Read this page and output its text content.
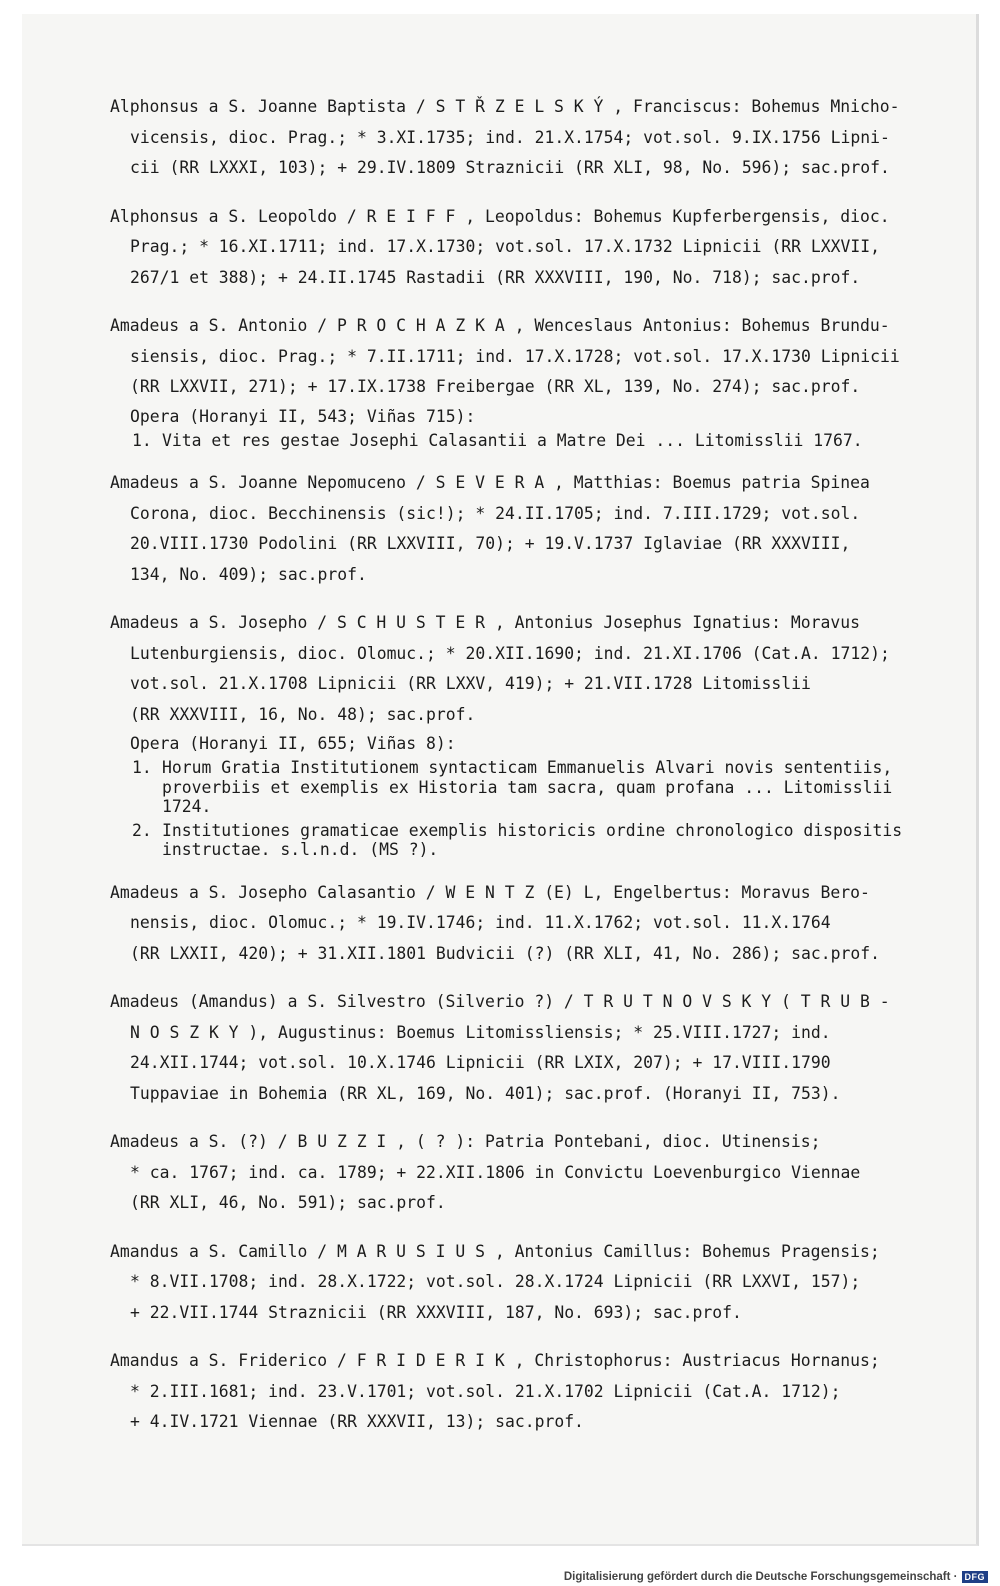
Alphonsus a S. Joanne Baptista / S T Ř Z E L S K Ý , Franciscus: Bohemus Mnicho-
vicensis, dioc. Prag.; * 3.XI.1735; ind. 21.X.1754; vot.sol. 9.IX.1756 Lipni-
cii (RR LXXXI, 103); + 29.IV.1809 Straznicii (RR XLI, 98, No. 596); sac.prof.
Alphonsus a S. Leopoldo / R E I F F , Leopoldus: Bohemus Kupferbergensis, dioc.
Prag.; * 16.XI.1711; ind. 17.X.1730; vot.sol. 17.X.1732 Lipnicii (RR LXXVII,
267/1 et 388); + 24.II.1745 Rastadii (RR XXXVIII, 190, No. 718); sac.prof.
Amadeus a S. Antonio / P R O C H A Z K A , Wenceslaus Antonius: Bohemus Brundu-
siensis, dioc. Prag.; * 7.II.1711; ind. 17.X.1728; vot.sol. 17.X.1730 Lipnicii
(RR LXXVII, 271); + 17.IX.1738 Freibergae (RR XL, 139, No. 274); sac.prof.
Opera (Horanyi II, 543; Viñas 715):
1. Vita et res gestae Josephi Calasantii a Matre Dei ... Litomisslii 1767.
Amadeus a S. Joanne Nepomuceno / S E V E R A , Matthias: Boemus patria Spinea
Corona, dioc. Becchinensis (sic!); * 24.II.1705; ind. 7.III.1729; vot.sol.
20.VIII.1730 Podolini (RR LXXVIII, 70); + 19.V.1737 Iglaviae (RR XXXVIII,
134, No. 409); sac.prof.
Amadeus a S. Josepho / S C H U S T E R , Antonius Josephus Ignatius: Moravus
Lutenburgiensis, dioc. Olomuc.; * 20.XII.1690; ind. 21.XI.1706 (Cat.A. 1712);
vot.sol. 21.X.1708 Lipnicii (RR LXXV, 419); + 21.VII.1728 Litomisslii
(RR XXXVIII, 16, No. 48); sac.prof.
Opera (Horanyi II, 655; Viñas 8):
1. Horum Gratia Institutionem syntacticam Emmanuelis Alvari novis sententiis,
proverbiis et exemplis ex Historia tam sacra, quam profana ... Litomisslii
1724.
2. Institutiones gramaticae exemplis historicis ordine chronologico dispositis
instructae. s.l.n.d. (MS ?).
Amadeus a S. Josepho Calasantio / W E N T Z (E) L, Engelbertus: Moravus Bero-
nensis, dioc. Olomuc.; * 19.IV.1746; ind. 11.X.1762; vot.sol. 11.X.1764
(RR LXXII, 420); + 31.XII.1801 Budvicii (?) (RR XLI, 41, No. 286); sac.prof.
Amadeus (Amandus) a S. Silvestro (Silverio ?) / T R U T N O V S K Y ( T R U B -
N O S Z K Y ), Augustinus: Boemus Litomissliensis; * 25.VIII.1727; ind.
24.XII.1744; vot.sol. 10.X.1746 Lipnicii (RR LXIX, 207); + 17.VIII.1790
Tuppaviae in Bohemia (RR XL, 169, No. 401); sac.prof. (Horanyi II, 753).
Amadeus a S. (?) / B U Z Z I , ( ? ): Patria Pontebani, dioc. Utinensis;
* ca. 1767; ind. ca. 1789; + 22.XII.1806 in Convictu Loevenburgico Viennae
(RR XLI, 46, No. 591); sac.prof.
Amandus a S. Camillo / M A R U S I U S , Antonius Camillus: Bohemus Pragensis;
* 8.VII.1708; ind. 28.X.1722; vot.sol. 28.X.1724 Lipnicii (RR LXXVI, 157);
+ 22.VII.1744 Straznicii (RR XXXVIII, 187, No. 693); sac.prof.
Amandus a S. Friderico / F R I D E R I K , Christophorus: Austriacus Hornanus;
* 2.III.1681; ind. 23.V.1701; vot.sol. 21.X.1702 Lipnicii (Cat.A. 1712);
+ 4.IV.1721 Viennae (RR XXXVII, 13); sac.prof.
Digitalisierung gefördert durch die Deutsche Forschungsgemeinschaft · DFG
